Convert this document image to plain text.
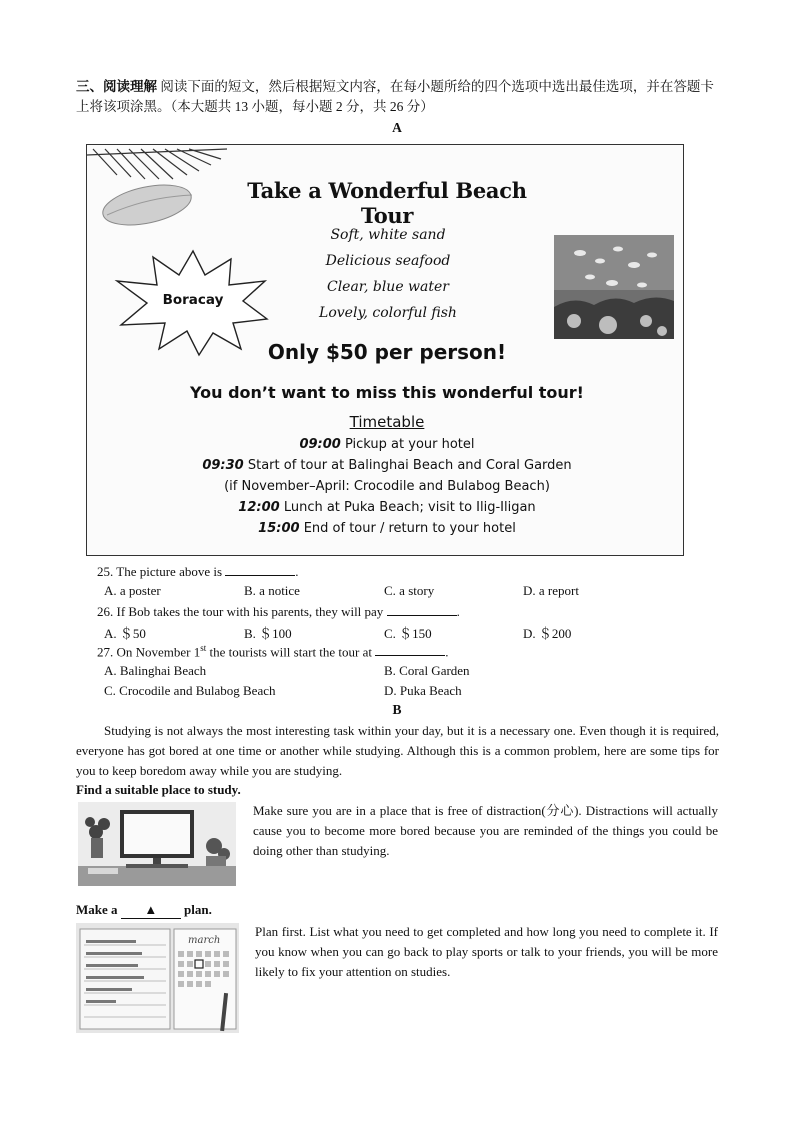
三、阅读理解 阅读下面的短文，然后根据短文内容，在每小题所给的四个选项中选出最佳选项，并在答题卡上将该项涂黑。（本大题共 13 小题，每小题 2 分，共 26 分）
A
Take a Wonderful Beach Tour
Soft, white sand
Delicious seafood
Clear, blue water
Lovely, colorful fish
Boracay
Only $50 per person!
You don’t want to miss this wonderful tour!
Timetable
09:00 Pickup at your hotel
09:30 Start of tour at Balinghai Beach and Coral Garden
(if November–April: Crocodile and Bulabog Beach)
12:00 Lunch at Puka Beach; visit to Ilig-Iligan
15:00 End of tour / return to your hotel
25. The picture above is	.
A. a poster	B. a notice	C. a story	D. a report
26. If Bob takes the tour with his parents, they will pay	.
A. ＄50	B. ＄100	C. ＄150	D. ＄200
27. On November 1st the tourists will start the tour at	.
A. Balinghai Beach	B. Coral Garden
C. Crocodile and Bulabog Beach	D. Puka Beach
B
Studying is not always the most interesting task within your day, but it is a necessary one. Even though it is required, everyone has got bored at one time or another while studying. Although this is a common problem, here are some tips for you to keep boredom away while you are studying.
Find a suitable place to study.
Make sure you are in a place that is free of distraction(分心). Distractions will actually cause you to become more bored because you are reminded of the things you could be doing other than studying.
Make a ▲ plan.
march
Plan first. List what you need to get completed and how long you need to complete it. If you know when you can go back to play sports or talk to your friends, you will be more likely to fix your attention on studies.
